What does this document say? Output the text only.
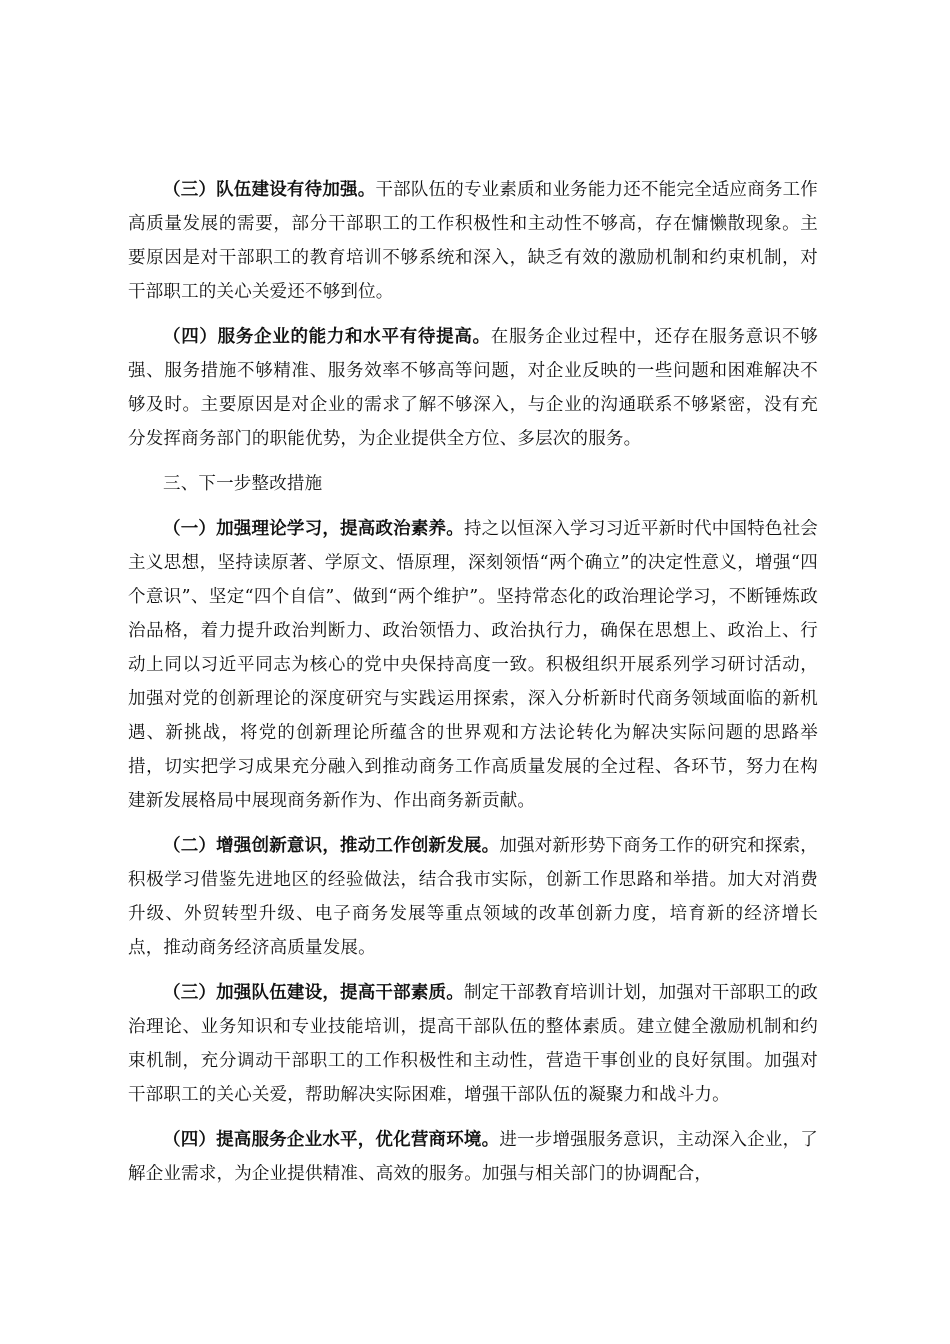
（三）队伍建设有待加强。干部队伍的专业素质和业务能力还不能完全适应商务工作高质量发展的需要，部分干部职工的工作积极性和主动性不够高，存在慵懒散现象。主要原因是对干部职工的教育培训不够系统和深入，缺乏有效的激励机制和约束机制，对干部职工的关心关爱还不够到位。

（四）服务企业的能力和水平有待提高。在服务企业过程中，还存在服务意识不够强、服务措施不够精准、服务效率不够高等问题，对企业反映的一些问题和困难解决不够及时。主要原因是对企业的需求了解不够深入，与企业的沟通联系不够紧密，没有充分发挥商务部门的职能优势，为企业提供全方位、多层次的服务。

三、下一步整改措施

（一）加强理论学习，提高政治素养。持之以恒深入学习习近平新时代中国特色社会主义思想，坚持读原著、学原文、悟原理，深刻领悟“两个确立”的决定性意义，增强“四个意识”、坚定“四个自信”、做到“两个维护”。坚持常态化的政治理论学习，不断锤炼政治品格，着力提升政治判断力、政治领悟力、政治执行力，确保在思想上、政治上、行动上同以习近平同志为核心的党中央保持高度一致。积极组织开展系列学习研讨活动，加强对党的创新理论的深度研究与实践运用探索，深入分析新时代商务领域面临的新机遇、新挑战，将党的创新理论所蕴含的世界观和方法论转化为解决实际问题的思路举措，切实把学习成果充分融入到推动商务工作高质量发展的全过程、各环节，努力在构建新发展格局中展现商务新作为、作出商务新贡献。

（二）增强创新意识，推动工作创新发展。加强对新形势下商务工作的研究和探索，积极学习借鉴先进地区的经验做法，结合我市实际，创新工作思路和举措。加大对消费升级、外贸转型升级、电子商务发展等重点领域的改革创新力度，培育新的经济增长点，推动商务经济高质量发展。

（三）加强队伍建设，提高干部素质。制定干部教育培训计划，加强对干部职工的政治理论、业务知识和专业技能培训，提高干部队伍的整体素质。建立健全激励机制和约束机制，充分调动干部职工的工作积极性和主动性，营造干事创业的良好氛围。加强对干部职工的关心关爱，帮助解决实际困难，增强干部队伍的凝聚力和战斗力。

（四）提高服务企业水平，优化营商环境。进一步增强服务意识，主动深入企业，了解企业需求，为企业提供精准、高效的服务。加强与相关部门的协调配合，
